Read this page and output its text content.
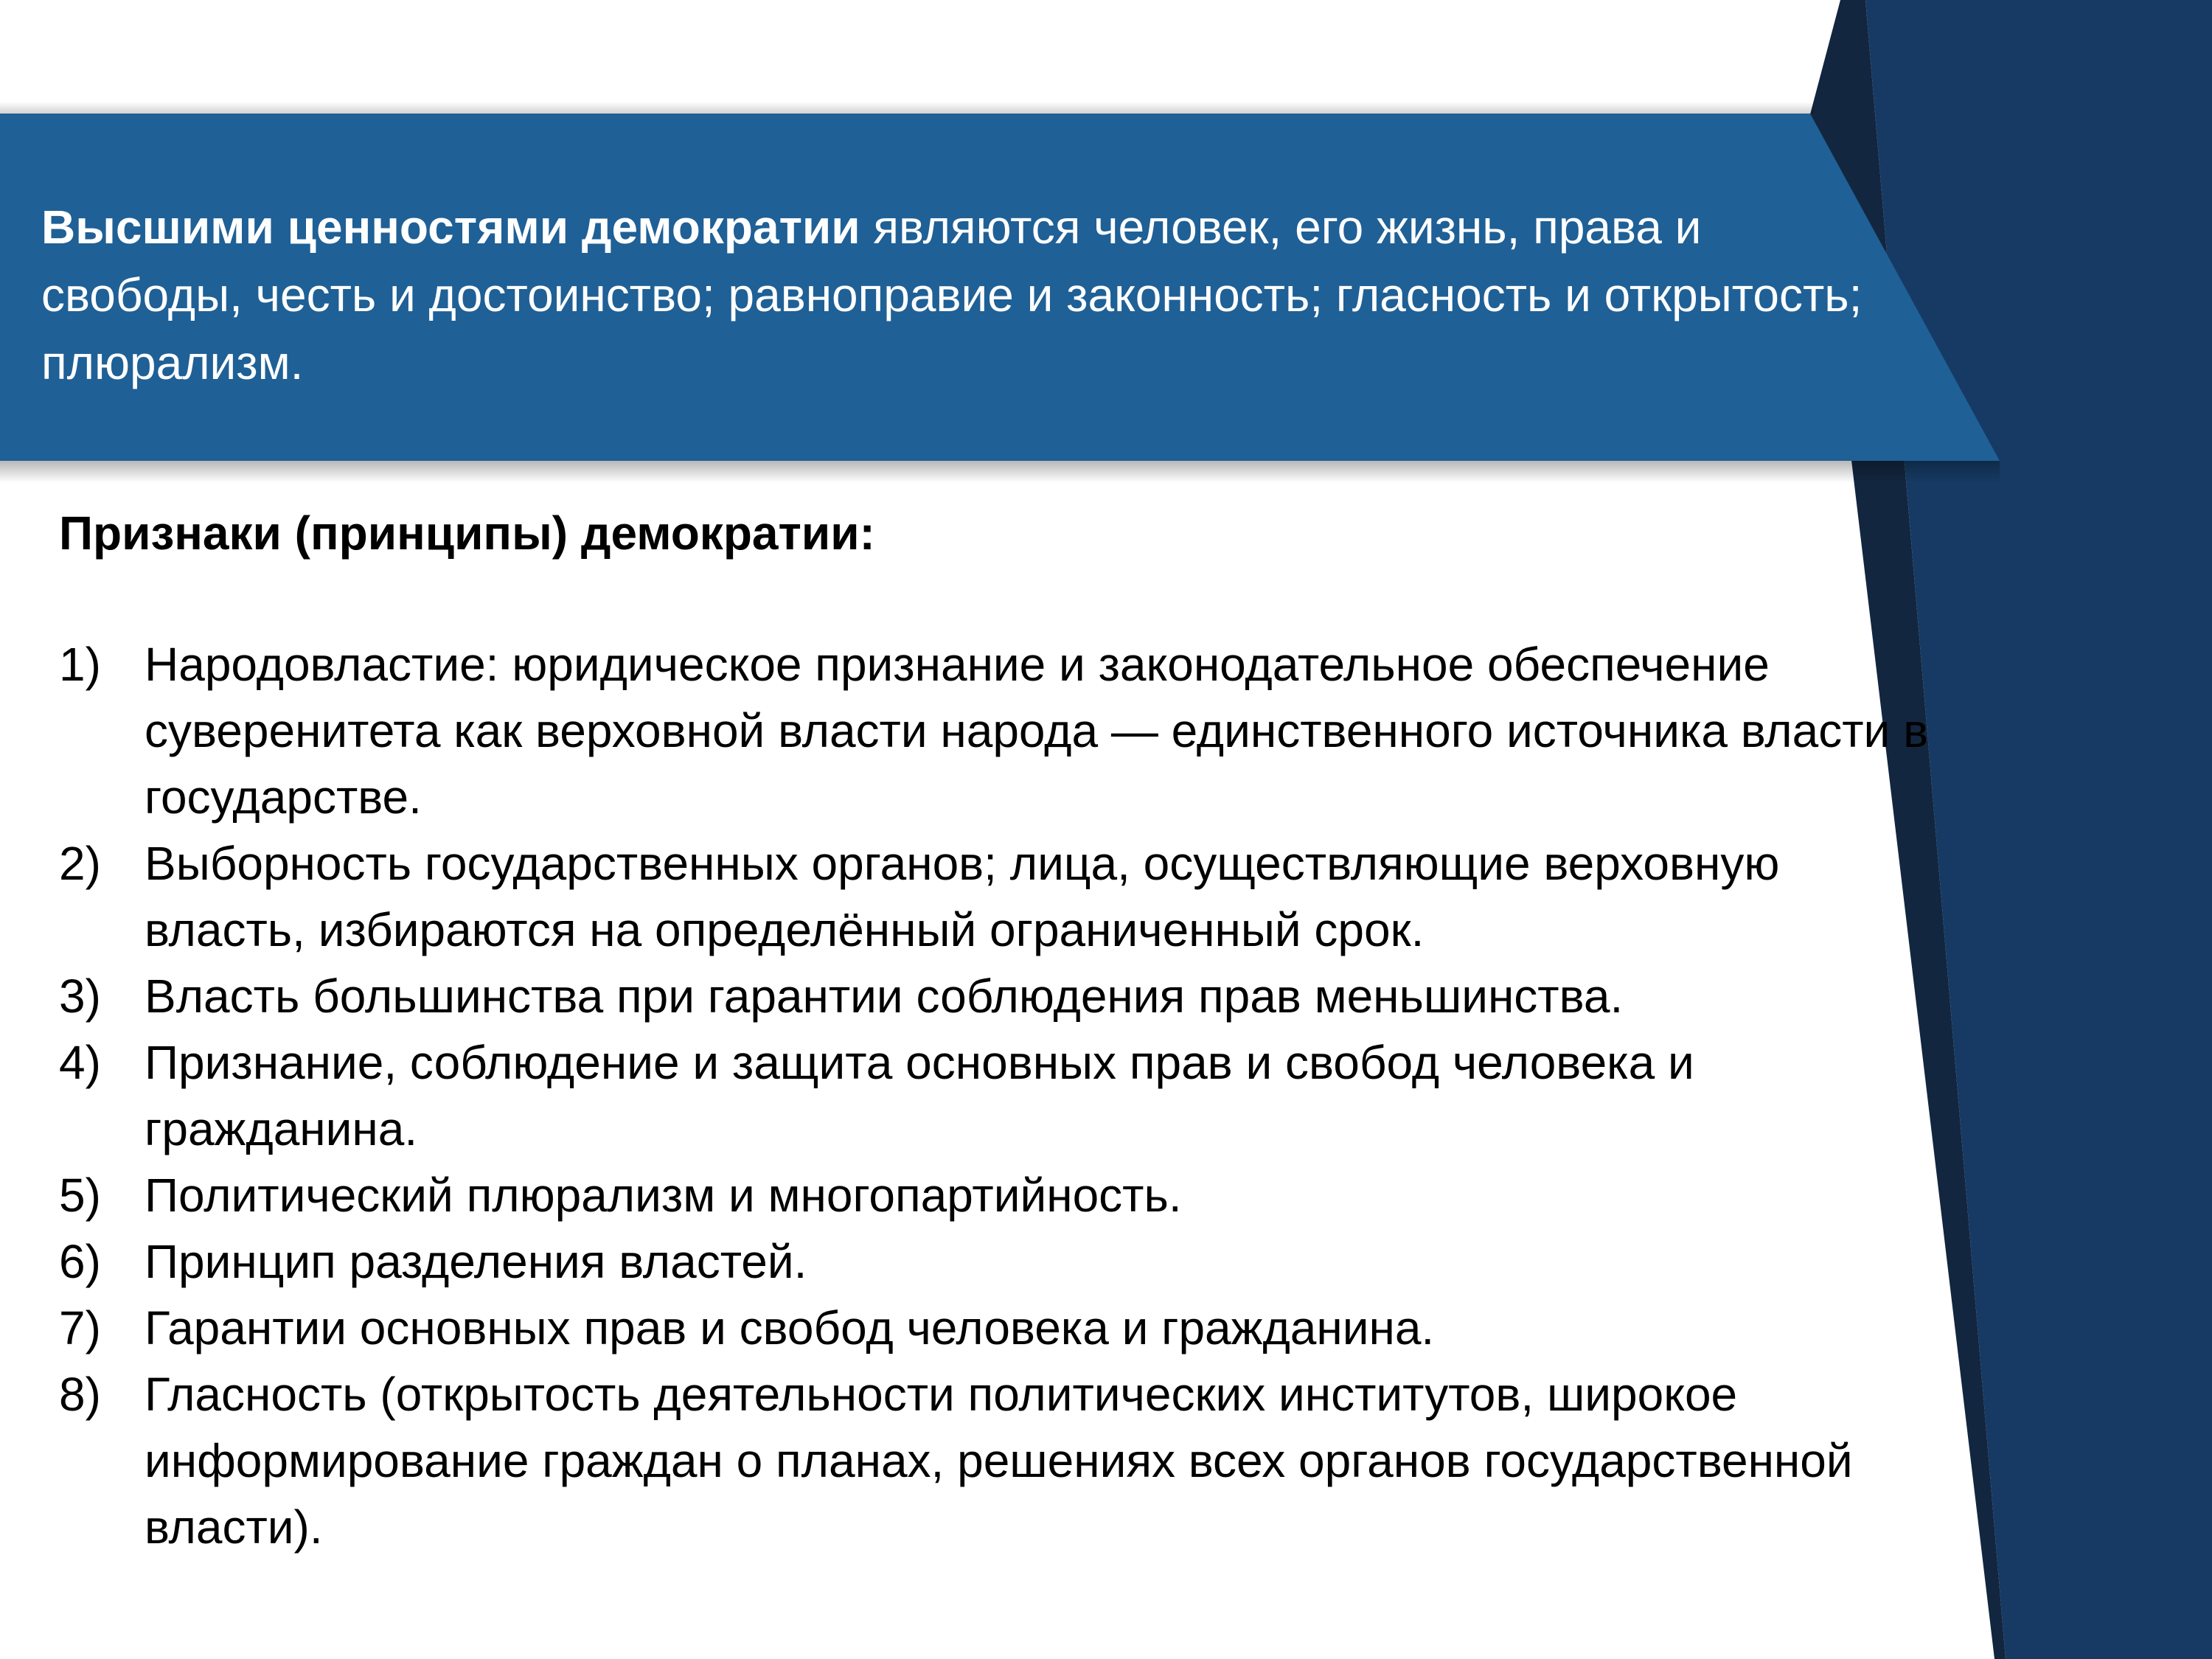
Высшими ценностями демократии являются человек, его жизнь, права и свободы, честь и достоинство; равноправие и законность; гласность и открытость; плюрализм.

Признаки (принципы) демократии:
1) Народовластие: юридическое признание и законодательное обеспечение суверенитета как верховной власти народа — единственного источника власти в государстве.
2) Выборность государственных органов; лица, осуществляющие верховную власть, избираются на определённый ограниченный срок.
3) Власть большинства при гарантии соблюдения прав меньшинства.
4) Признание, соблюдение и защита основных прав и свобод человека и гражданина.
5) Политический плюрализм и многопартийность.
6) Принцип разделения властей.
7) Гарантии основных прав и свобод человека и гражданина.
8) Гласность (открытость деятельности политических институтов, широкое информирование граждан о планах, решениях всех органов государственной власти).
